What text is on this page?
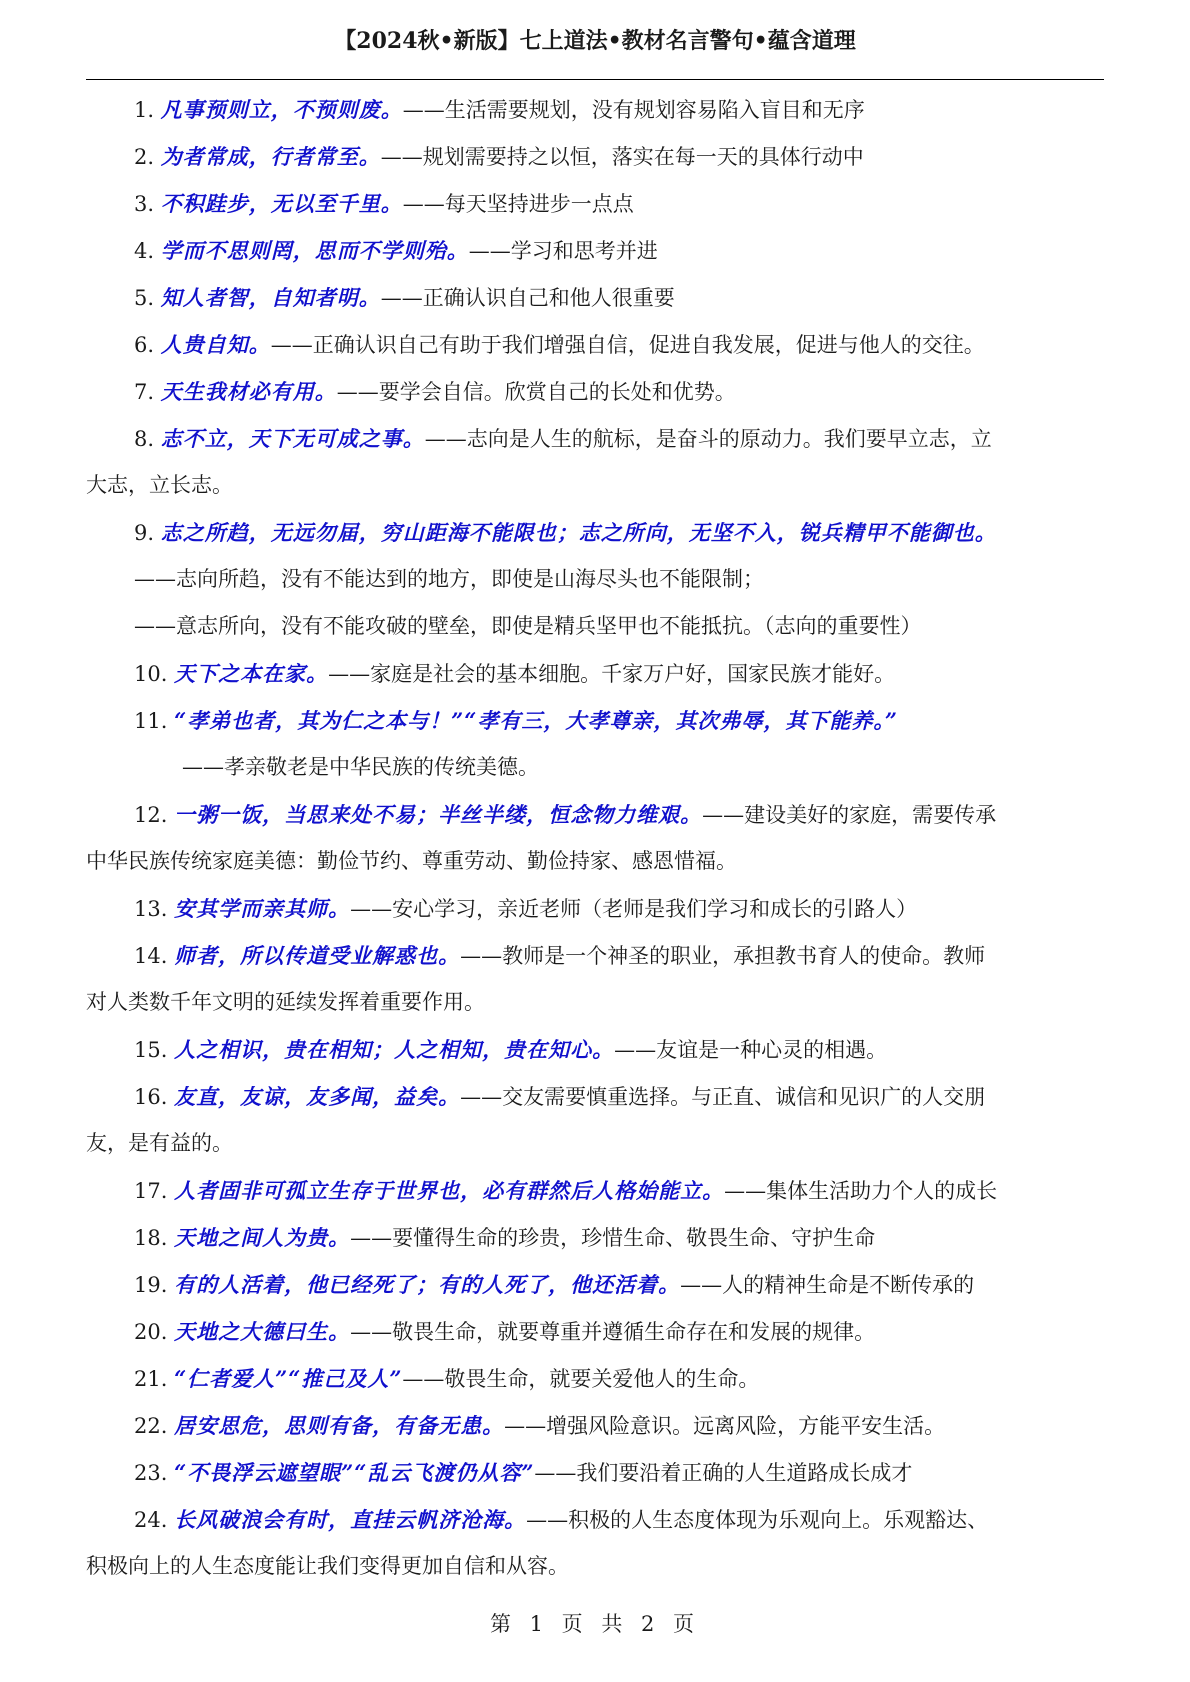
【2024秋•新版】七上道法•教材名言警句•蕴含道理
1. 凡事预则立，不预则废。——生活需要规划，没有规划容易陷入盲目和无序
2. 为者常成，行者常至。——规划需要持之以恒，落实在每一天的具体行动中
3. 不积跬步，无以至千里。——每天坚持进步一点点
4. 学而不思则罔，思而不学则殆。——学习和思考并进
5. 知人者智，自知者明。——正确认识自己和他人很重要
6. 人贵自知。——正确认识自己有助于我们增强自信，促进自我发展，促进与他人的交往。
7. 天生我材必有用。——要学会自信。欣赏自己的长处和优势。
8. 志不立，天下无可成之事。——志向是人生的航标，是奋斗的原动力。我们要早立志，立
大志，立长志。
9. 志之所趋，无远勿届，穷山距海不能限也；志之所向，无坚不入，锐兵精甲不能御也。
——志向所趋，没有不能达到的地方，即使是山海尽头也不能限制；
——意志所向，没有不能攻破的壁垒，即使是精兵坚甲也不能抵抗。（志向的重要性）
10. 天下之本在家。——家庭是社会的基本细胞。千家万户好，国家民族才能好。
11. “孝弟也者，其为仁之本与！”“孝有三，大孝尊亲，其次弗辱，其下能养。”
——孝亲敬老是中华民族的传统美德。
12. 一粥一饭，当思来处不易；半丝半缕，恒念物力维艰。——建设美好的家庭，需要传承
中华民族传统家庭美德：勤俭节约、尊重劳动、勤俭持家、感恩惜福。
13. 安其学而亲其师。——安心学习，亲近老师（老师是我们学习和成长的引路人）
14. 师者，所以传道受业解惑也。——教师是一个神圣的职业，承担教书育人的使命。教师
对人类数千年文明的延续发挥着重要作用。
15. 人之相识，贵在相知；人之相知，贵在知心。——友谊是一种心灵的相遇。
16. 友直，友谅，友多闻，益矣。——交友需要慎重选择。与正直、诚信和见识广的人交朋
友，是有益的。
17. 人者固非可孤立生存于世界也，必有群然后人格始能立。——集体生活助力个人的成长
18. 天地之间人为贵。——要懂得生命的珍贵，珍惜生命、敬畏生命、守护生命
19. 有的人活着，他已经死了；有的人死了，他还活着。——人的精神生命是不断传承的
20. 天地之大德曰生。——敬畏生命，就要尊重并遵循生命存在和发展的规律。
21. “仁者爱人”“推己及人”——敬畏生命，就要关爱他人的生命。
22. 居安思危，思则有备，有备无患。——增强风险意识。远离风险，方能平安生活。
23. “不畏浮云遮望眼”“乱云飞渡仍从容”——我们要沿着正确的人生道路成长成才
24. 长风破浪会有时，直挂云帆济沧海。——积极的人生态度体现为乐观向上。乐观豁达、
积极向上的人生态度能让我们变得更加自信和从容。
第 1 页 共 2 页
